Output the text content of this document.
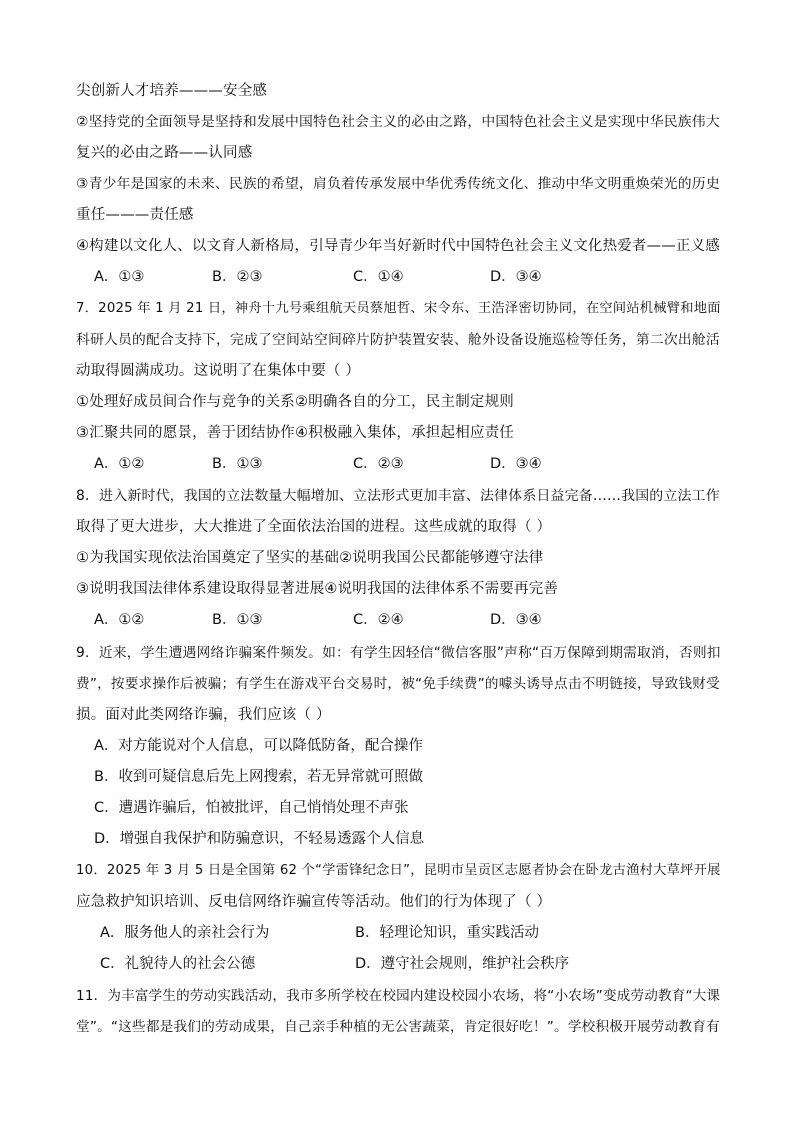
尖创新人才培养———安全感
②坚持党的全面领导是坚持和发展中国特色社会主义的必由之路，中国特色社会主义是实现中华民族伟大
复兴的必由之路——认同感
③青少年是国家的未来、民族的希望，肩负着传承发展中华优秀传统文化、推动中华文明重焕荣光的历史
重任———责任感
④构建以文化人、以文育人新格局，引导青少年当好新时代中国特色社会主义文化热爱者——正义感
A．①③	B．②③	C．①④	D．③④
7．2025 年 1 月 21 日，神舟十九号乘组航天员蔡旭哲、宋令东、王浩泽密切协同，在空间站机械臂和地面
科研人员的配合支持下，完成了空间站空间碎片防护装置安装、舱外设备设施巡检等任务，第二次出舱活
动取得圆满成功。这说明了在集体中要（ ）
①处理好成员间合作与竞争的关系②明确各自的分工，民主制定规则
③汇聚共同的愿景，善于团结协作④积极融入集体，承担起相应责任
A．①②	B．①③	C．②③	D．③④
8．进入新时代，我国的立法数量大幅增加、立法形式更加丰富、法律体系日益完备……我国的立法工作
取得了更大进步，大大推进了全面依法治国的进程。这些成就的取得（ ）
①为我国实现依法治国奠定了坚实的基础②说明我国公民都能够遵守法律
③说明我国法律体系建设取得显著进展④说明我国的法律体系不需要再完善
A．①②	B．①③	C．②④	D．③④
9．近来，学生遭遇网络诈骗案件频发。如：有学生因轻信“微信客服”声称“百万保障到期需取消，否则扣
费”，按要求操作后被骗；有学生在游戏平台交易时，被“免手续费”的噱头诱导点击不明链接，导致钱财受
损。面对此类网络诈骗，我们应该（ ）
A．对方能说对个人信息，可以降低防备，配合操作
B．收到可疑信息后先上网搜索，若无异常就可照做
C．遭遇诈骗后，怕被批评，自己悄悄处理不声张
D．增强自我保护和防骗意识，不轻易透露个人信息
10．2025 年 3 月 5 日是全国第 62 个“学雷锋纪念日”，昆明市呈贡区志愿者协会在卧龙古渔村大草坪开展
应急救护知识培训、反电信网络诈骗宣传等活动。他们的行为体现了（ ）
A．服务他人的亲社会行为	B．轻理论知识，重实践活动
C．礼貌待人的社会公德	D．遵守社会规则，维护社会秩序
11．为丰富学生的劳动实践活动，我市多所学校在校园内建设校园小农场，将“小农场”变成劳动教育“大课
堂”。“这些都是我们的劳动成果，自己亲手种植的无公害蔬菜，肯定很好吃！”。学校积极开展劳动教育有
